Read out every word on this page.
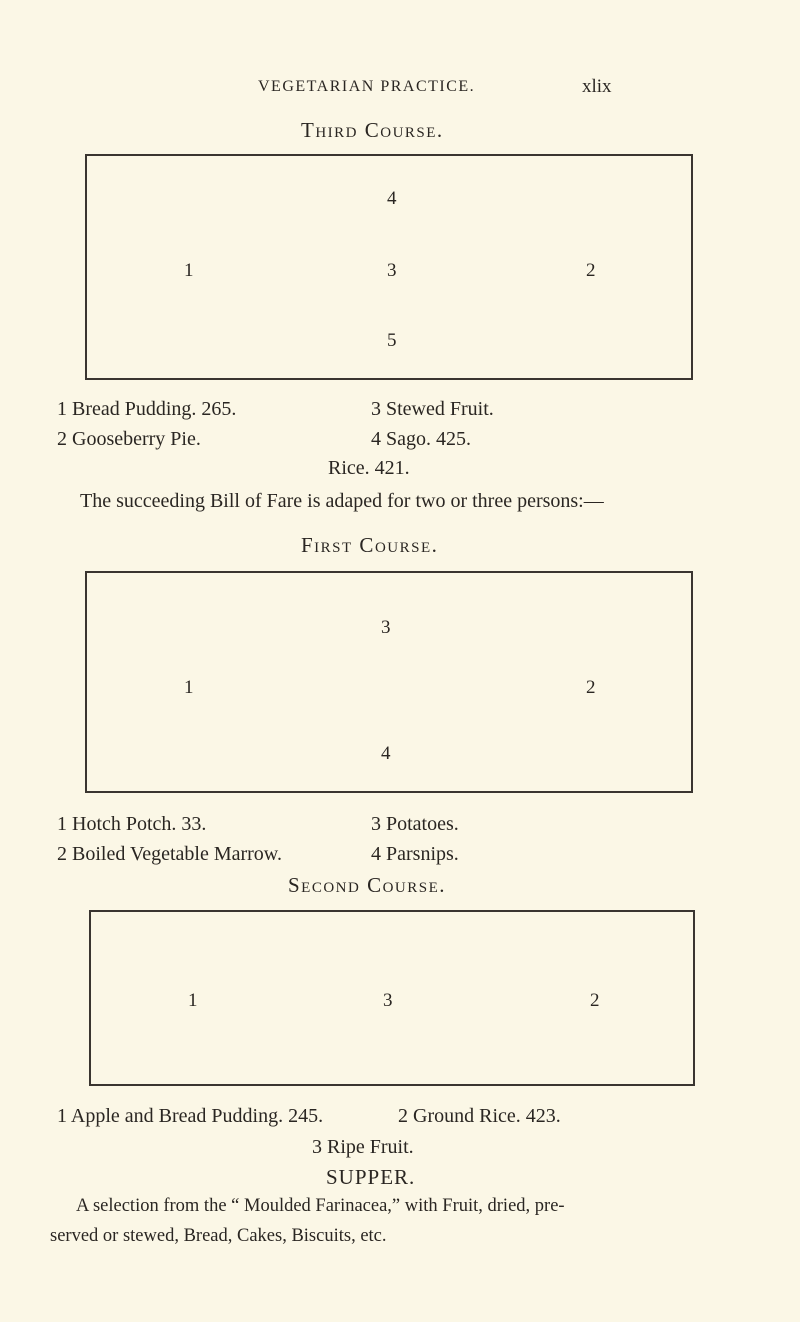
VEGETARIAN PRACTICE.	xlix
Third Course.
4
1	3	2
5
1 Bread Pudding. 265.
2 Gooseberry Pie.
3 Stewed Fruit.
4 Sago. 425.
Rice. 421.
The succeeding Bill of Fare is adaped for two or three persons:—
First Course.
3
1	2
4
1 Hotch Potch. 33.
2 Boiled Vegetable Marrow.
3 Potatoes.
4 Parsnips.
Second Course.
1	3	2
1 Apple and Bread Pudding. 245.	2 Ground Rice. 423.
3 Ripe Fruit.
SUPPER.
A selection from the “ Moulded Farinacea,” with Fruit, dried, pre-
served or stewed, Bread, Cakes, Biscuits, etc.
